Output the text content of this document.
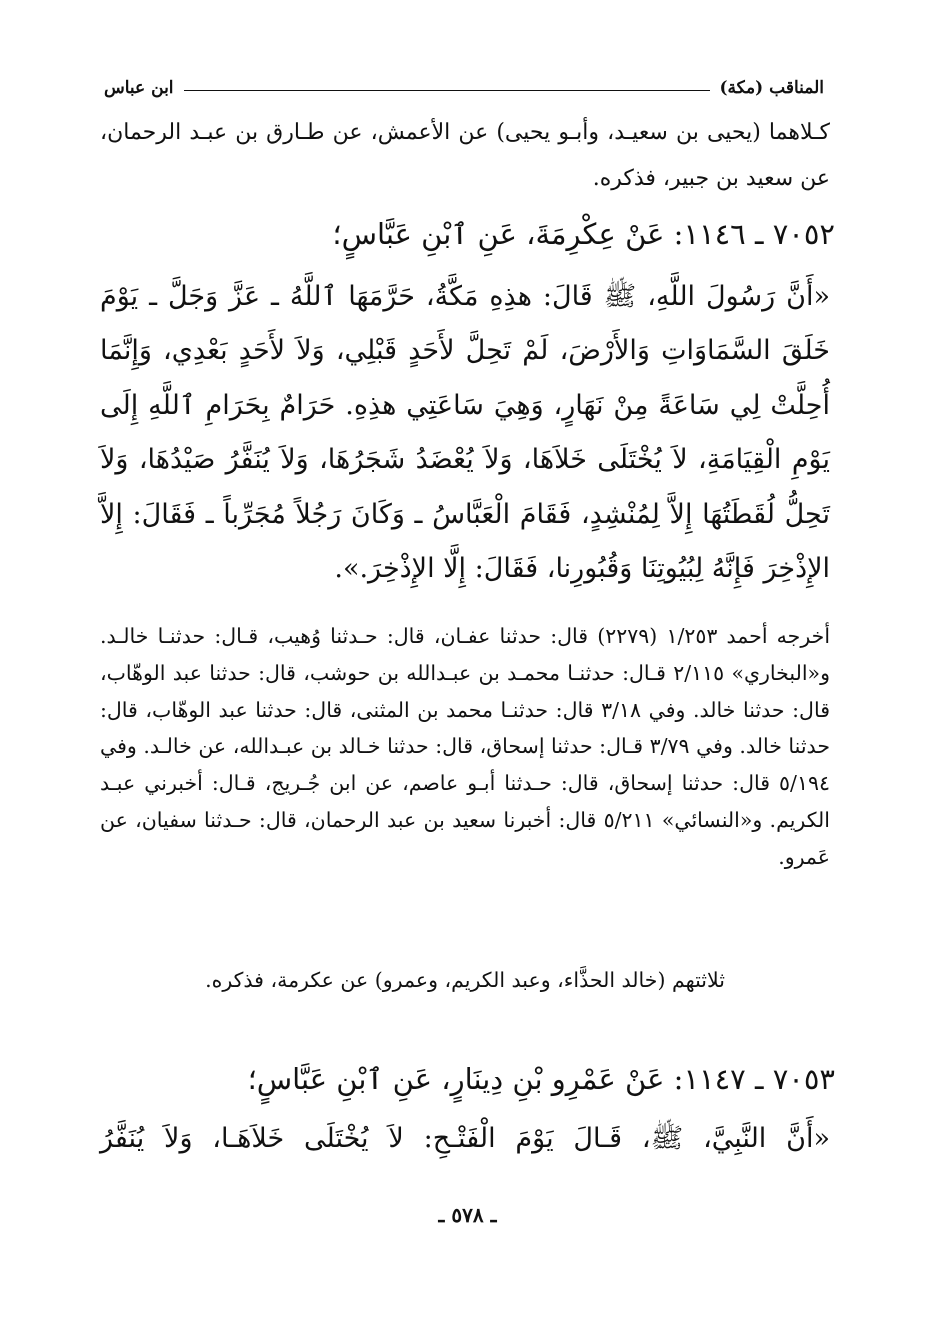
المناقب (مكة)
ابن عباس

كـلاهما (يحيى بن سعيـد، وأبـو يحيى) عن الأعمش، عن طـارق بن عبـد الرحمان، عن سعيد بن جبير، فذكره.

٧٠٥٢ ـ ١١٤٦: عَنْ عِكْرِمَةَ، عَنِ ٱبْنِ عَبَّاسٍ؛

«أَنَّ رَسُولَ اللَّهِ، ﷺ قَالَ: هذِهِ مَكَّةُ، حَرَّمَهَا ٱللَّهُ ـ عَزَّ وَجَلَّ ـ يَوْمَ خَلَقَ السَّمَاوَاتِ وَالأَرْضَ، لَمْ تَحِلَّ لأَحَدٍ قَبْلِي، وَلاَ لأَحَدٍ بَعْدِي، وَإِنَّمَا أُحِلَّتْ لِي سَاعَةً مِنْ نَهَارٍ، وَهِيَ سَاعَتِي هذِهِ. حَرَامٌ بِحَرَامِ ٱللَّهِ إِلَى يَوْمِ الْقِيَامَةِ، لاَ يُخْتَلَى خَلاَهَا، وَلاَ يُعْضَدُ شَجَرُهَا، وَلاَ يُنَفَّرُ صَيْدُهَا، وَلاَ تَحِلُّ لُقَطَتُهَا إِلاَّ لِمُنْشِدٍ، فَقَامَ الْعَبَّاسُ ـ وَكَانَ رَجُلاً مُجَرِّباً ـ فَقَالَ: إِلاَّ الإِذْخِرَ فَإِنَّهُ لِبُيُوتِنَا وَقُبُورِنا، فَقَالَ: إِلَّا الإِذْخِرَ.».

أخرجه أحمد ١/٢٥٣ (٢٢٧٩) قال: حدثنا عفـان، قال: حـدثنا وُهيب، قـال: حدثنـا خالـد. و«البخاري» ٢/١١٥ قـال: حدثنـا محمـد بن عبـدالله بن حوشب، قال: حدثنا عبد الوهّاب، قال: حدثنا خالد. وفي ٣/١٨ قال: حدثنـا محمد بن المثنى، قال: حدثنا عبد الوهّاب، قال: حدثنا خالد. وفي ٣/٧٩ قـال: حدثنا إسحاق، قال: حدثنا خـالد بن عبـدالله، عن خالـد. وفي ٥/١٩٤ قال: حدثنا إسحاق، قال: حـدثنا أبـو عاصم، عن ابن جُـريج، قـال: أخبرني عبـد الكريم. و«النسائي» ٥/٢١١ قال: أخبرنا سعيد بن عبد الرحمان، قال: حـدثنا سفيان، عن عَمرو.

ثلاثتهم (خالد الحذَّاء، وعبد الكريم، وعمرو) عن عكرمة، فذكره.

٧٠٥٣ ـ ١١٤٧: عَنْ عَمْرِو بْنِ دِينَارٍ، عَنِ ٱبْنِ عَبَّاسٍ؛

«أَنَّ النَّبِيَّ، ﷺ، قَـالَ يَوْمَ الْفَتْـحِ: لاَ يُخْتَلَى خَلاَهَـا، وَلاَ يُنَفَّرُ

ـ ٥٧٨ ـ
